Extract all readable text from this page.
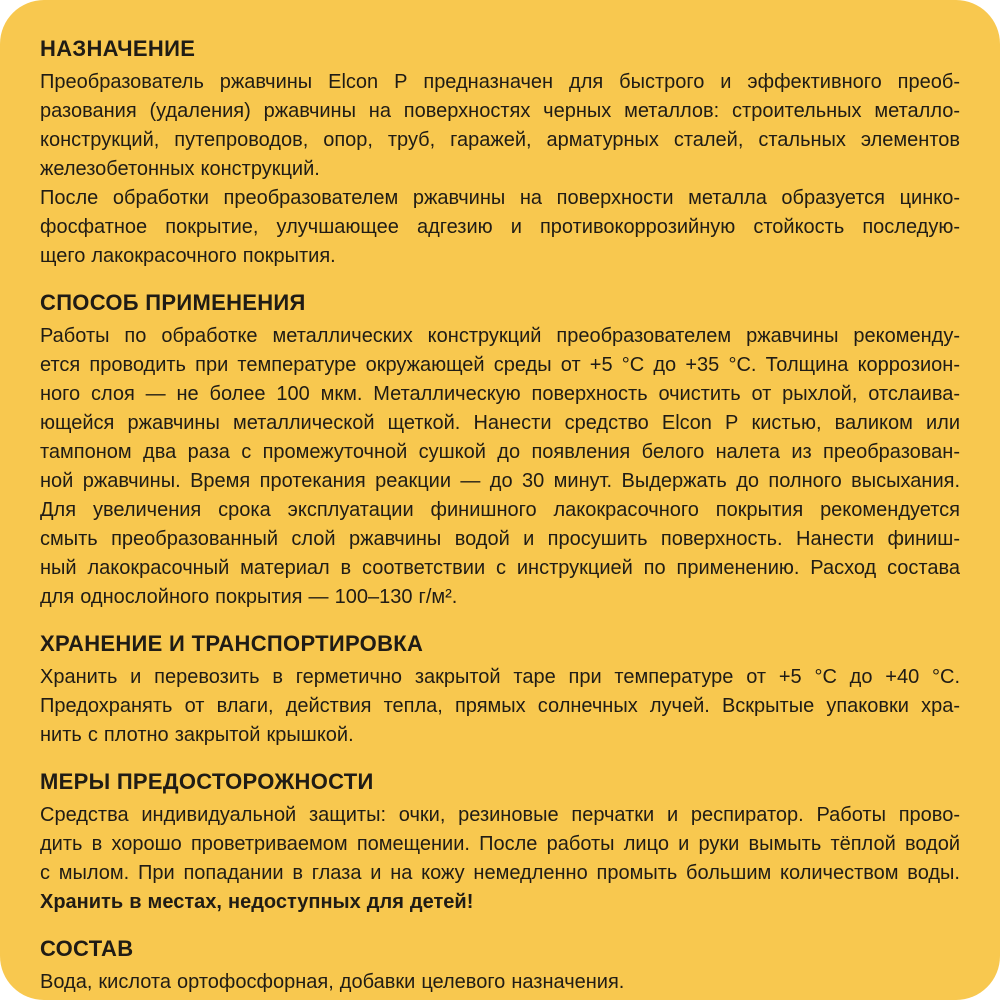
НАЗНАЧЕНИЕ
Преобразователь ржавчины Elcon Р предназначен для быстрого и эффективного преоб-
разования (удаления) ржавчины на поверхностях черных металлов: строительных металло-
конструкций, путепроводов, опор, труб, гаражей, арматурных сталей, стальных элементов
железобетонных конструкций.
После обработки преобразователем ржавчины на поверхности металла образуется цинко-
фосфатное покрытие, улучшающее адгезию и противокоррозийную стойкость последую-
щего лакокрасочного покрытия.
СПОСОБ ПРИМЕНЕНИЯ
Работы по обработке металлических конструкций преобразователем ржавчины рекоменду-
ется проводить при температуре окружающей среды от +5 °C до +35 °C. Толщина коррозион-
ного слоя — не более 100 мкм. Металлическую поверхность очистить от рыхлой, отслаива-
ющейся ржавчины металлической щеткой. Нанести средство Elcon Р кистью, валиком или
тампоном два раза с промежуточной сушкой до появления белого налета из преобразован-
ной ржавчины. Время протекания реакции — до 30 минут. Выдержать до полного высыхания.
Для увеличения срока эксплуатации финишного лакокрасочного покрытия рекомендуется
смыть преобразованный слой ржавчины водой и просушить поверхность. Нанести финиш-
ный лакокрасочный материал в соответствии с инструкцией по применению. Расход состава
для однослойного покрытия — 100–130 г/м².
ХРАНЕНИЕ И ТРАНСПОРТИРОВКА
Хранить и перевозить в герметично закрытой таре при температуре от +5 °C до +40 °C.
Предохранять от влаги, действия тепла, прямых солнечных лучей. Вскрытые упаковки хра-
нить с плотно закрытой крышкой.
МЕРЫ ПРЕДОСТОРОЖНОСТИ
Средства индивидуальной защиты: очки, резиновые перчатки и респиратор. Работы прово-
дить в хорошо проветриваемом помещении. После работы лицо и руки вымыть тёплой водой
с мылом. При попадании в глаза и на кожу немедленно промыть большим количеством воды.
Хранить в местах, недоступных для детей!
СОСТАВ
Вода, кислота ортофосфорная, добавки целевого назначения.
